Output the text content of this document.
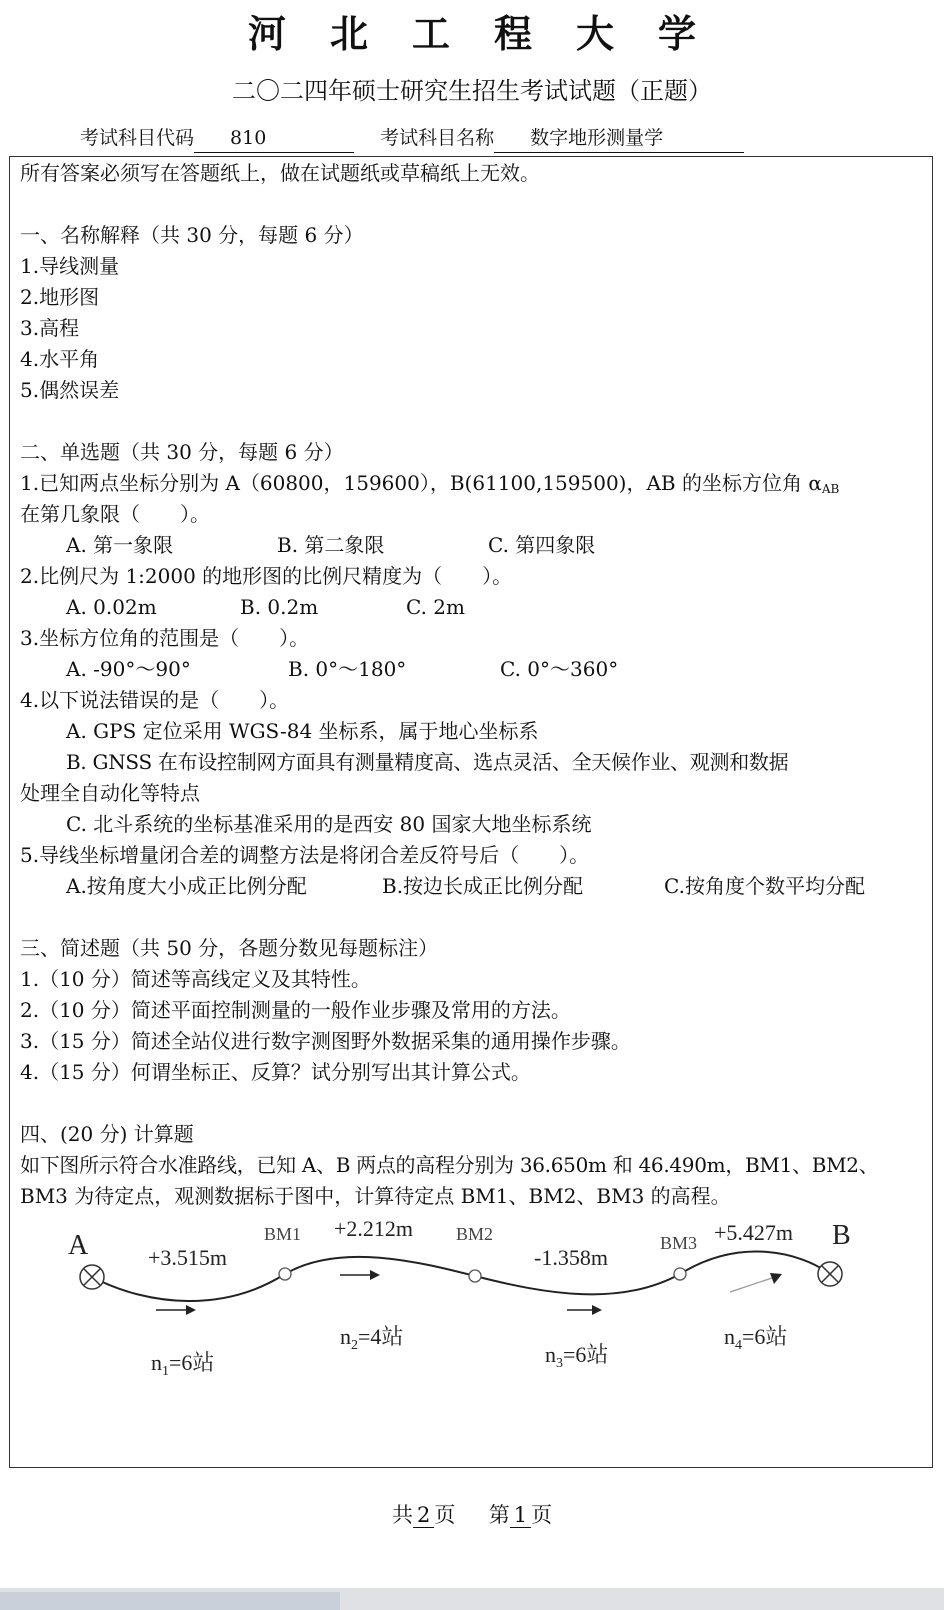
河北工程大学
二〇二四年硕士研究生招生考试试题（正题）
考试科目代码 810	考试科目名称 数字地形测量学
所有答案必须写在答题纸上，做在试题纸或草稿纸上无效。
一、名称解释（共 30 分，每题 6 分）
1.导线测量
2.地形图
3.高程
4.水平角
5.偶然误差
二、单选题（共 30 分，每题 6 分）
1.已知两点坐标分别为 A（60800，159600），B(61100,159500)，AB 的坐标方位角 $\alpha_{AB}$
在第几象限（　　）。
A. 第一象限	B. 第二象限	C. 第四象限
2.比例尺为 1:2000 的地形图的比例尺精度为（　　）。
A. 0.02m	B. 0.2m	C. 2m
3.坐标方位角的范围是（　　）。
A. -90°～90°	B. 0°～180°	C. 0°～360°
4.以下说法错误的是（　　）。
A. GPS 定位采用 WGS-84 坐标系，属于地心坐标系
B. GNSS 在布设控制网方面具有测量精度高、选点灵活、全天候作业、观测和数据
处理全自动化等特点
C. 北斗系统的坐标基准采用的是西安 80 国家大地坐标系统
5.导线坐标增量闭合差的调整方法是将闭合差反符号后（　　）。
A.按角度大小成正比例分配	B.按边长成正比例分配	C.按角度个数平均分配
三、简述题（共 50 分，各题分数见每题标注）
1.（10 分）简述等高线定义及其特性。
2.（10 分）简述平面控制测量的一般作业步骤及常用的方法。
3.（15 分）简述全站仪进行数字测图野外数据采集的通用操作步骤。
4.（15 分）何谓坐标正、反算？试分别写出其计算公式。
四、(20 分) 计算题
如下图所示符合水准路线，已知 A、B 两点的高程分别为 36.650m 和 46.490m，BM1、BM2、
BM3 为待定点，观测数据标于图中，计算待定点 BM1、BM2、BM3 的高程。
A	B
BM1	BM2	BM3
+3.515m
+2.212m
-1.358m
+5.427m
$n_1=6$站
$n_2=4$站
$n_3=6$站
$n_4=6$站
共 2 页 第 1 页
